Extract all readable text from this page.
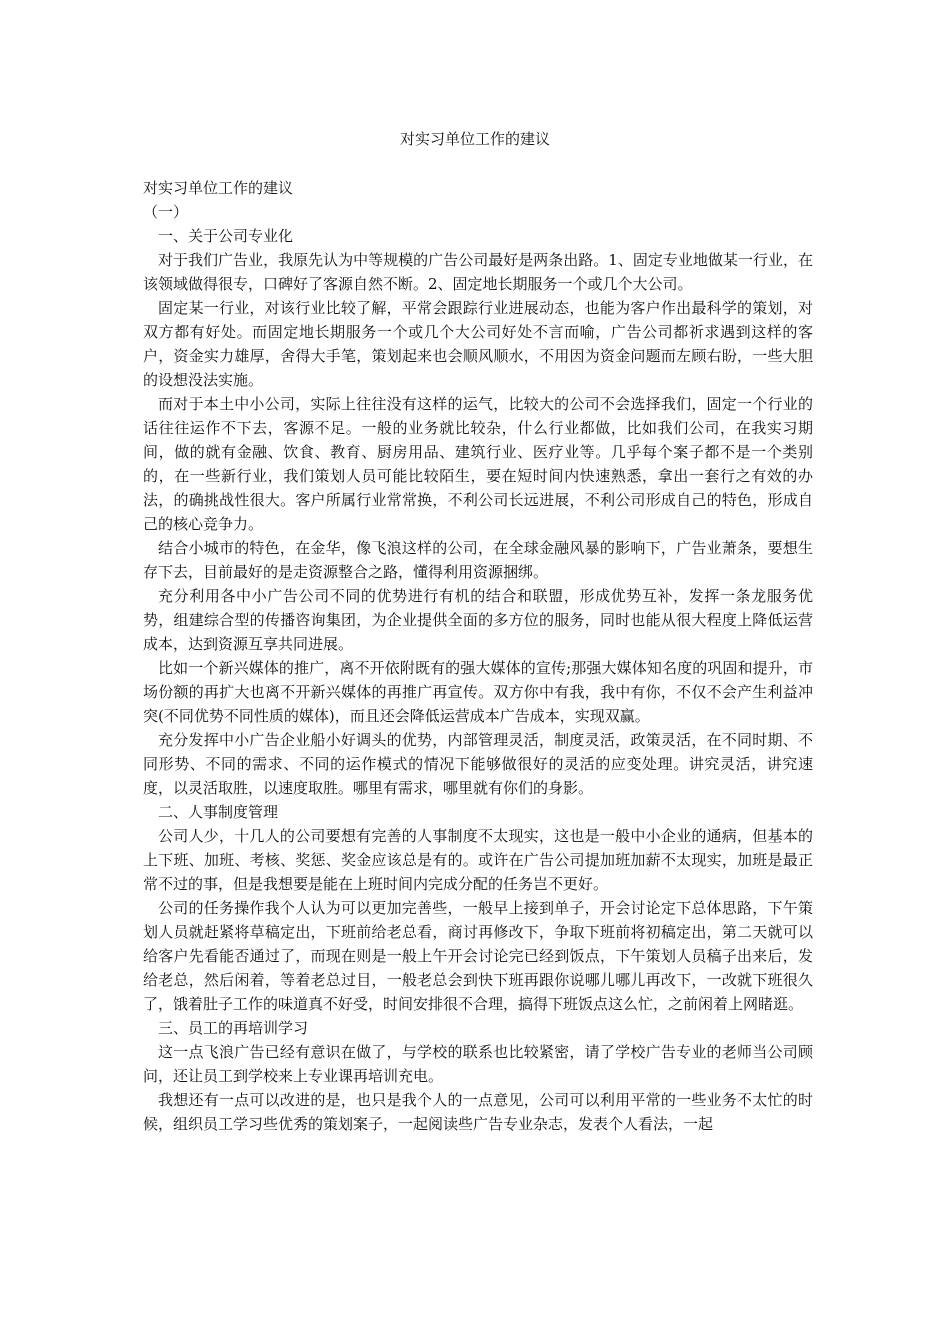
对实习单位工作的建议

对实习单位工作的建议

（一）

一、关于公司专业化

对于我们广告业，我原先认为中等规模的广告公司最好是两条出路。1、固定专业地做某一行业，在该领域做得很专，口碑好了客源自然不断。2、固定地长期服务一个或几个大公司。

固定某一行业，对该行业比较了解，平常会跟踪行业进展动态，也能为客户作出最科学的策划，对双方都有好处。而固定地长期服务一个或几个大公司好处不言而喻，广告公司都祈求遇到这样的客户，资金实力雄厚，舍得大手笔，策划起来也会顺风顺水，不用因为资金问题而左顾右盼，一些大胆的设想没法实施。

而对于本土中小公司，实际上往往没有这样的运气，比较大的公司不会选择我们，固定一个行业的话往往运作不下去，客源不足。一般的业务就比较杂，什么行业都做，比如我们公司，在我实习期间，做的就有金融、饮食、教育、厨房用品、建筑行业、医疗业等。几乎每个案子都不是一个类别的，在一些新行业，我们策划人员可能比较陌生，要在短时间内快速熟悉，拿出一套行之有效的办法，的确挑战性很大。客户所属行业常常换，不利公司长远进展，不利公司形成自己的特色，形成自己的核心竞争力。

结合小城市的特色，在金华，像飞浪这样的公司，在全球金融风暴的影响下，广告业萧条，要想生存下去，目前最好的是走资源整合之路，懂得利用资源捆绑。

充分利用各中小广告公司不同的优势进行有机的结合和联盟，形成优势互补，发挥一条龙服务优势，组建综合型的传播咨询集团，为企业提供全面的多方位的服务，同时也能从很大程度上降低运营成本，达到资源互享共同进展。

比如一个新兴媒体的推广，离不开依附既有的强大媒体的宣传;那强大媒体知名度的巩固和提升，市场份额的再扩大也离不开新兴媒体的再推广再宣传。双方你中有我，我中有你，不仅不会产生利益冲突(不同优势不同性质的媒体)，而且还会降低运营成本广告成本，实现双赢。

充分发挥中小广告企业船小好调头的优势，内部管理灵活，制度灵活，政策灵活，在不同时期、不同形势、不同的需求、不同的运作模式的情况下能够做很好的灵活的应变处理。讲究灵活，讲究速度，以灵活取胜，以速度取胜。哪里有需求，哪里就有你们的身影。

二、人事制度管理

公司人少，十几人的公司要想有完善的人事制度不太现实，这也是一般中小企业的通病，但基本的上下班、加班、考核、奖惩、奖金应该总是有的。或许在广告公司提加班加薪不太现实，加班是最正常不过的事，但是我想要是能在上班时间内完成分配的任务岂不更好。

公司的任务操作我个人认为可以更加完善些，一般早上接到单子，开会讨论定下总体思路，下午策划人员就赶紧将草稿定出，下班前给老总看，商讨再修改下，争取下班前将初稿定出，第二天就可以给客户先看能否通过了，而现在则是一般上午开会讨论完已经到饭点，下午策划人员稿子出来后，发给老总，然后闲着，等着老总过目，一般老总会到快下班再跟你说哪儿哪儿再改下，一改就下班很久了，饿着肚子工作的味道真不好受，时间安排很不合理，搞得下班饭点这么忙，之前闲着上网睹逛。

三、员工的再培训学习

这一点飞浪广告已经有意识在做了，与学校的联系也比较紧密，请了学校广告专业的老师当公司顾问，还让员工到学校来上专业课再培训充电。

我想还有一点可以改进的是，也只是我个人的一点意见，公司可以利用平常的一些业务不太忙的时候，组织员工学习些优秀的策划案子，一起阅读些广告专业杂志，发表个人看法，一起
